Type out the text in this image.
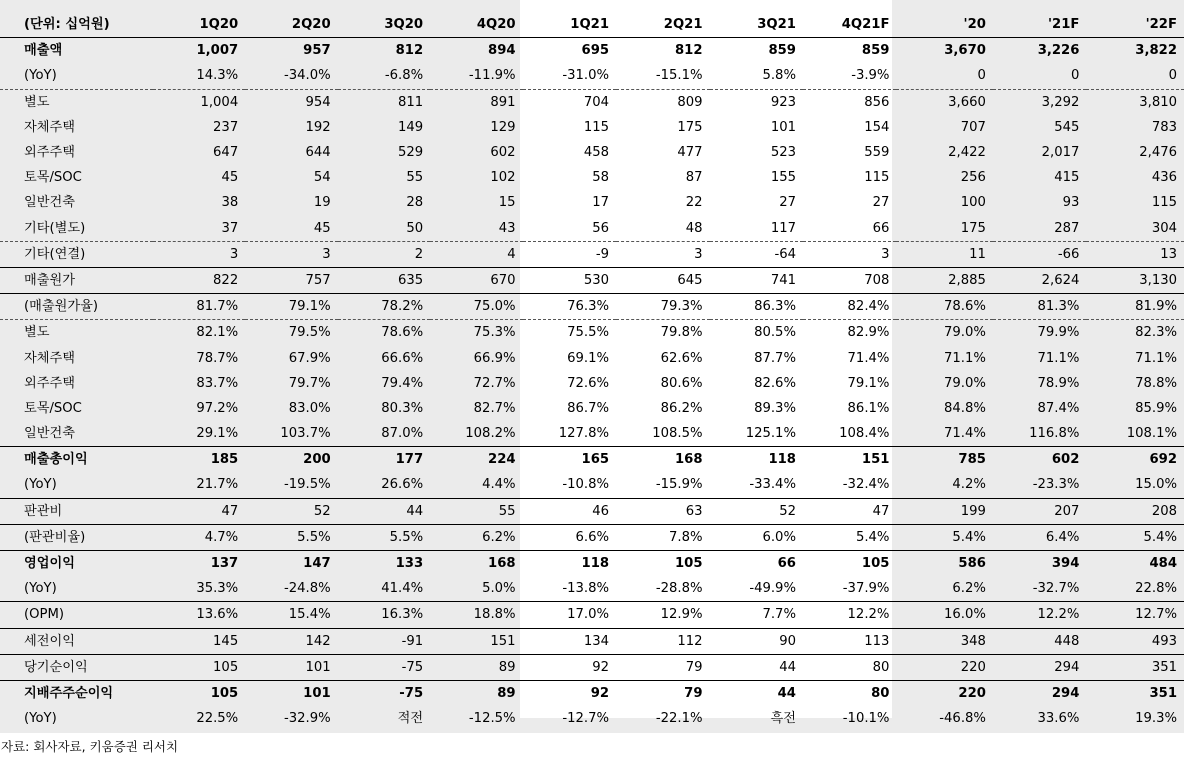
(단위: 십억원)	1Q20	2Q20	3Q20	4Q20	1Q21	2Q21	3Q21	4Q21F	'20	'21F	'22F
매출액	1,007	957	812	894	695	812	859	859	3,670	3,226	3,822
(YoY)	14.3%	-34.0%	-6.8%	-11.9%	-31.0%	-15.1%	5.8%	-3.9%	0	0	0
별도	1,004	954	811	891	704	809	923	856	3,660	3,292	3,810
자체주택	237	192	149	129	115	175	101	154	707	545	783
외주주택	647	644	529	602	458	477	523	559	2,422	2,017	2,476
토목/SOC	45	54	55	102	58	87	155	115	256	415	436
일반건축	38	19	28	15	17	22	27	27	100	93	115
기타(별도)	37	45	50	43	56	48	117	66	175	287	304
기타(연결)	3	3	2	4	-9	3	-64	3	11	-66	13
매출원가	822	757	635	670	530	645	741	708	2,885	2,624	3,130
(매출원가율)	81.7%	79.1%	78.2%	75.0%	76.3%	79.3%	86.3%	82.4%	78.6%	81.3%	81.9%
별도	82.1%	79.5%	78.6%	75.3%	75.5%	79.8%	80.5%	82.9%	79.0%	79.9%	82.3%
자체주택	78.7%	67.9%	66.6%	66.9%	69.1%	62.6%	87.7%	71.4%	71.1%	71.1%	71.1%
외주주택	83.7%	79.7%	79.4%	72.7%	72.6%	80.6%	82.6%	79.1%	79.0%	78.9%	78.8%
토목/SOC	97.2%	83.0%	80.3%	82.7%	86.7%	86.2%	89.3%	86.1%	84.8%	87.4%	85.9%
일반건축	29.1%	103.7%	87.0%	108.2%	127.8%	108.5%	125.1%	108.4%	71.4%	116.8%	108.1%
매출총이익	185	200	177	224	165	168	118	151	785	602	692
(YoY)	21.7%	-19.5%	26.6%	4.4%	-10.8%	-15.9%	-33.4%	-32.4%	4.2%	-23.3%	15.0%
판관비	47	52	44	55	46	63	52	47	199	207	208
(판관비율)	4.7%	5.5%	5.5%	6.2%	6.6%	7.8%	6.0%	5.4%	5.4%	6.4%	5.4%
영업이익	137	147	133	168	118	105	66	105	586	394	484
(YoY)	35.3%	-24.8%	41.4%	5.0%	-13.8%	-28.8%	-49.9%	-37.9%	6.2%	-32.7%	22.8%
(OPM)	13.6%	15.4%	16.3%	18.8%	17.0%	12.9%	7.7%	12.2%	16.0%	12.2%	12.7%
세전이익	145	142	-91	151	134	112	90	113	348	448	493
당기순이익	105	101	-75	89	92	79	44	80	220	294	351
지배주주순이익	105	101	-75	89	92	79	44	80	220	294	351
(YoY)	22.5%	-32.9%	적전	-12.5%	-12.7%	-22.1%	흑전	-10.1%	-46.8%	33.6%	19.3%
자료: 회사자료, 키움증권 리서치
